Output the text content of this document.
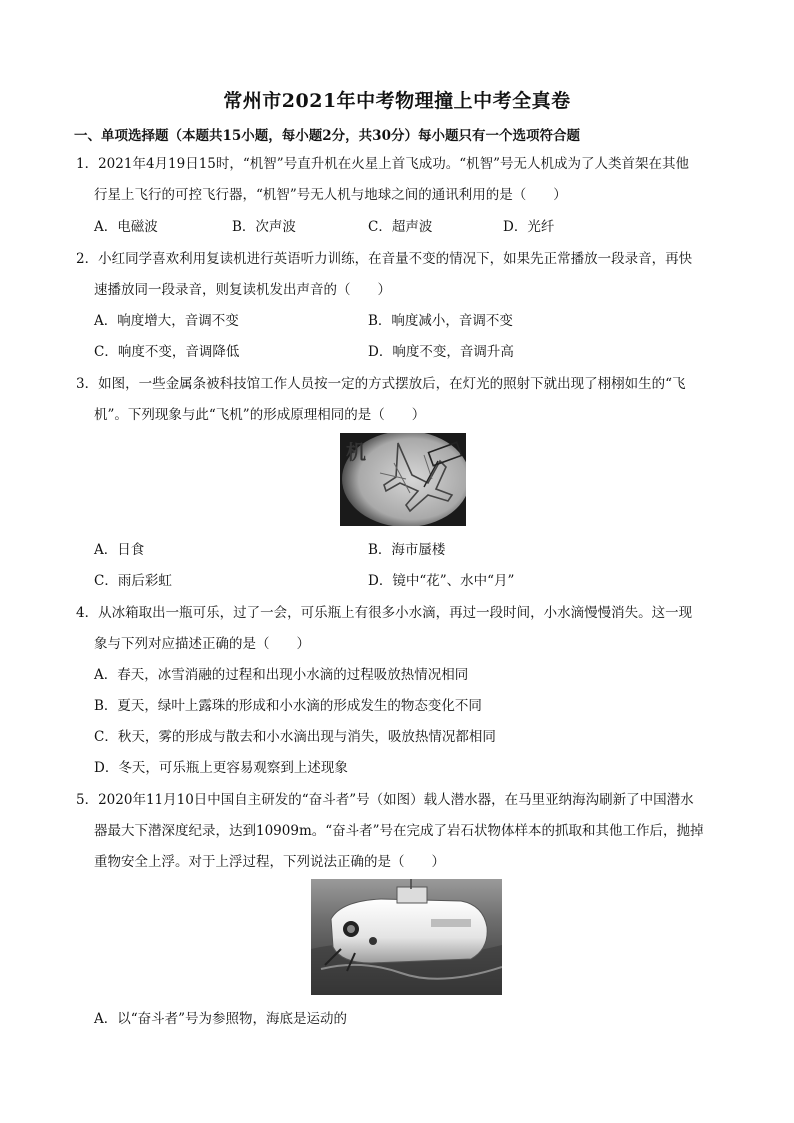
常州市2021年中考物理撞上中考全真卷
一、单项选择题（本题共15小题，每小题2分，共30分）每小题只有一个选项符合题
1．2021年4月19日15时，“机智”号直升机在火星上首飞成功。“机智”号无人机成为了人类首架在其他
行星上飞行的可控飞行器，“机智”号无人机与地球之间的通讯利用的是（　　）
A．电磁波	B．次声波	C．超声波	D．光纤
2．小红同学喜欢利用复读机进行英语听力训练，在音量不变的情况下，如果先正常播放一段录音，再快
速播放同一段录音，则复读机发出声音的（　　）
A．响度增大，音调不变	B．响度减小，音调不变
C．响度不变，音调降低	D．响度不变，音调升高
3．如图，一些金属条被科技馆工作人员按一定的方式摆放后，在灯光的照射下就出现了栩栩如生的“飞
机”。下列现象与此“飞机”的形成原理相同的是（　　）
机
A．日食	B．海市蜃楼
C．雨后彩虹	D．镜中“花”、水中“月”
4．从冰箱取出一瓶可乐，过了一会，可乐瓶上有很多小水滴，再过一段时间，小水滴慢慢消失。这一现
象与下列对应描述正确的是（　　）
A．春天，冰雪消融的过程和出现小水滴的过程吸放热情况相同
B．夏天，绿叶上露珠的形成和小水滴的形成发生的物态变化不同
C．秋天，雾的形成与散去和小水滴出现与消失，吸放热情况都相同
D．冬天，可乐瓶上更容易观察到上述现象
5．2020年11月10日中国自主研发的“奋斗者”号（如图）载人潜水器，在马里亚纳海沟刷新了中国潜水
器最大下潜深度纪录，达到10909m。“奋斗者”号在完成了岩石状物体样本的抓取和其他工作后，抛掉
重物安全上浮。对于上浮过程，下列说法正确的是（　　）
A．以“奋斗者”号为参照物，海底是运动的
